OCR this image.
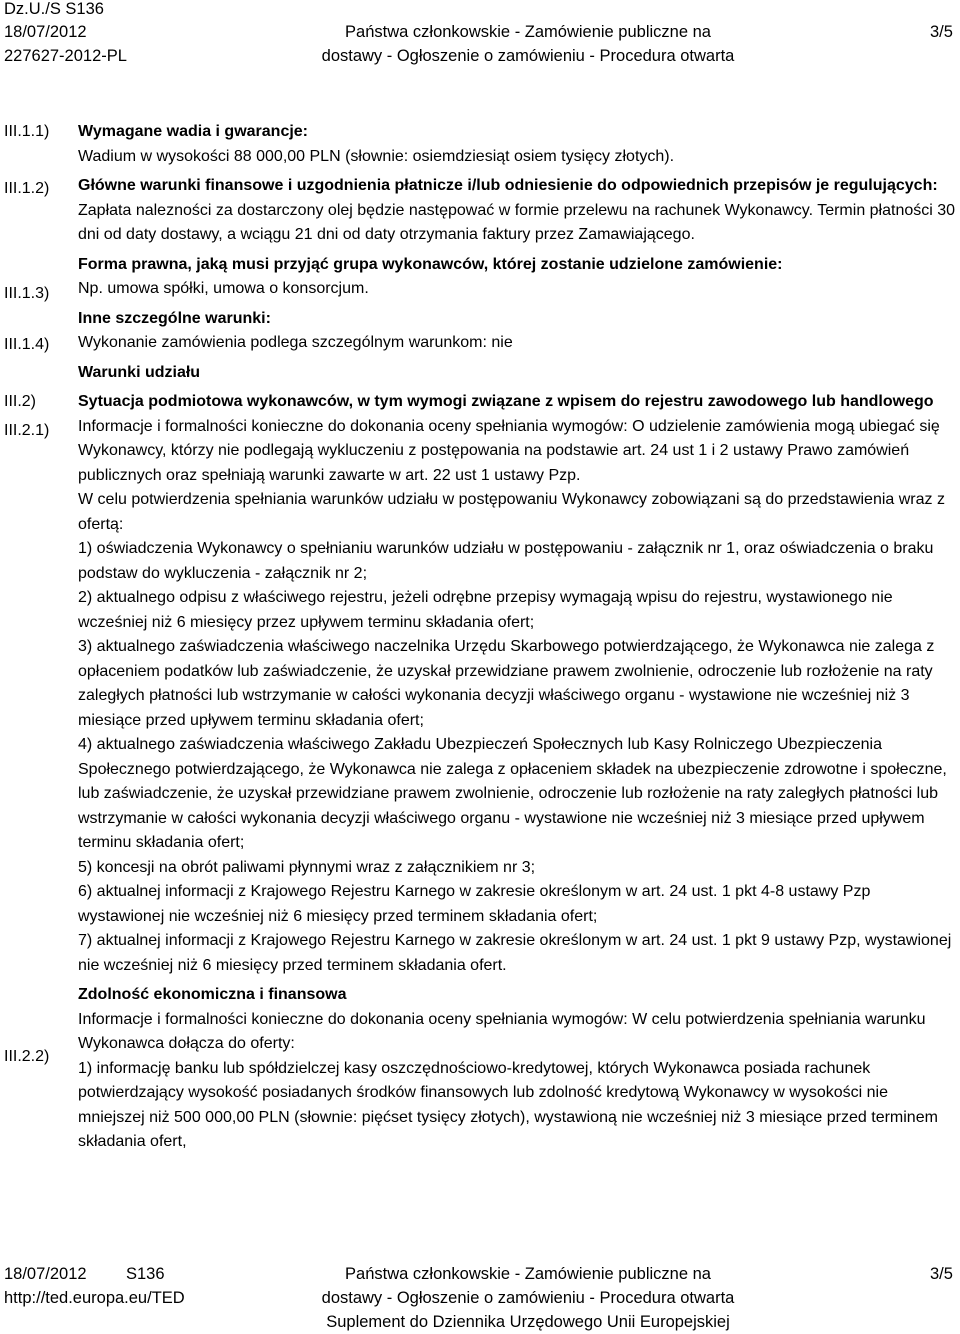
Dz.U./S S136
18/07/2012
227627-2012-PL
Państwa członkowskie - Zamówienie publiczne na
dostawy - Ogłoszenie o zamówieniu - Procedura otwarta
3/5
III.1.1)
III.1.2)
III.1.3)
III.1.4)
III.2)
III.2.1)
III.2.2)

Wymagane wadia i gwarancje:

Wadium w wysokości 88 000,00 PLN (słownie: osiemdziesiąt osiem tysięcy złotych).

Główne warunki finansowe i uzgodnienia płatnicze i/lub odniesienie do odpowiednich przepisów je regulujących:

Zapłata nalezności za dostarczony olej będzie następować w formie przelewu na rachunek Wykonawcy. Termin płatności 30 dni od daty dostawy, a wciągu 21 dni od daty otrzymania faktury przez Zamawiającego.

Forma prawna, jaką musi przyjąć grupa wykonawców, której zostanie udzielone zamówienie:

Np. umowa spółki, umowa o konsorcjum.

Inne szczególne warunki:

Wykonanie zamówienia podlega szczególnym warunkom: nie

Warunki udziału

Sytuacja podmiotowa wykonawców, w tym wymogi związane z wpisem do rejestru zawodowego lub handlowego

Informacje i formalności konieczne do dokonania oceny spełniania wymogów: O udzielenie zamówienia mogą ubiegać się Wykonawcy, którzy nie podlegają wykluczeniu z postępowania na podstawie art. 24 ust 1 i 2 ustawy Prawo zamówień publicznych oraz spełniają warunki zawarte w art. 22 ust 1 ustawy Pzp.

W celu potwierdzenia spełniania warunków udziału w postępowaniu Wykonawcy zobowiązani są do przedstawienia wraz z ofertą:

1) oświadczenia Wykonawcy o spełnianiu warunków udziału w postępowaniu - załącznik nr 1, oraz oświadczenia o braku podstaw do wykluczenia - załącznik nr 2;

2) aktualnego odpisu z właściwego rejestru, jeżeli odrębne przepisy wymagają wpisu do rejestru, wystawionego nie wcześniej niż 6 miesięcy przez upływem terminu składania ofert;

3) aktualnego zaświadczenia właściwego naczelnika Urzędu Skarbowego potwierdzającego, że Wykonawca nie zalega z opłaceniem podatków lub zaświadczenie, że uzyskał przewidziane prawem zwolnienie, odroczenie lub rozłożenie na raty zaległych płatności lub wstrzymanie w całości wykonania decyzji właściwego organu - wystawione nie wcześniej niż 3 miesiące przed upływem terminu składania ofert;

4) aktualnego zaświadczenia właściwego Zakładu Ubezpieczeń Społecznych lub Kasy Rolniczego Ubezpieczenia Społecznego potwierdzającego, że Wykonawca nie zalega z opłaceniem składek na ubezpieczenie zdrowotne i społeczne, lub zaświadczenie, że uzyskał przewidziane prawem zwolnienie, odroczenie lub rozłożenie na raty zaległych płatności lub wstrzymanie w całości wykonania decyzji właściwego organu - wystawione nie wcześniej niż 3 miesiące przed upływem terminu składania ofert;

5) koncesji na obrót paliwami płynnymi wraz z załącznikiem nr 3;

6) aktualnej informacji z Krajowego Rejestru Karnego w zakresie określonym w art. 24 ust. 1 pkt 4-8 ustawy Pzp wystawionej nie wcześniej niż 6 miesięcy przed terminem składania ofert;

7) aktualnej informacji z Krajowego Rejestru Karnego w zakresie określonym w art. 24 ust. 1 pkt 9 ustawy Pzp, wystawionej nie wcześniej niż 6 miesięcy przed terminem składania ofert.

Zdolność ekonomiczna i finansowa

Informacje i formalności konieczne do dokonania oceny spełniania wymogów: W celu potwierdzenia spełniania warunku Wykonawca dołącza do oferty:

1) informację banku lub spółdzielczej kasy oszczędnościowo-kredytowej, których Wykonawca posiada rachunek potwierdzający wysokość posiadanych środków finansowych lub zdolność kredytową Wykonawcy w wysokości nie mniejszej niż 500 000,00 PLN (słownie: pięćset tysięcy złotych), wystawioną nie wcześniej niż 3 miesiące przed terminem składania ofert,

18/07/2012 S136
http://ted.europa.eu/TED
Państwa członkowskie - Zamówienie publiczne na
dostawy - Ogłoszenie o zamówieniu - Procedura otwarta
Suplement do Dziennika Urzędowego Unii Europejskiej
3/5
